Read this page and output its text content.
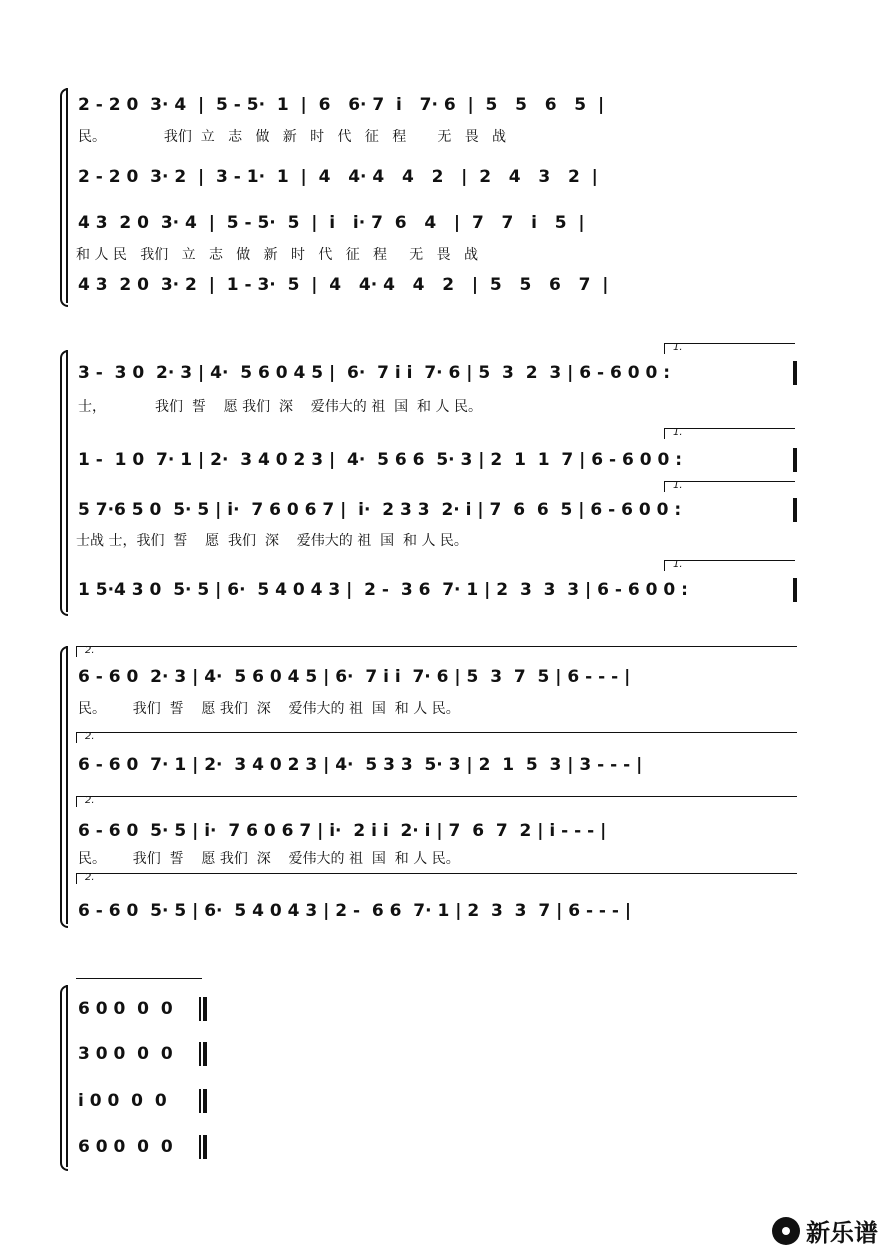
2 - 2 0  3· 4  |  5 - 5·  1  |  6   6· 7  i   7· 6  |  5   5   6   5  |
民。             我们  立   志   做   新   时   代   征   程       无   畏   战
2 - 2 0  3· 2  |  3 - 1·  1  |  4   4· 4   4   2   |  2   4   3   2  |
4 3  2 0  3· 4  |  5 - 5·  5  |  i   i· 7  6   4   |  7   7   i   5  |
和 人 民   我们   立   志   做   新   时   代   征   程     无   畏   战
4 3  2 0  3· 2  |  1 - 3·  5  |  4   4· 4   4   2   |  5   5   6   7  |
1.
1.
1.
1.
3 -  3 0  2· 3 | 4·  5 6 0 4 5 |  6·  7 i i  7· 6 | 5  3  2  3 | 6 - 6 0 0 :
士，           我们  誓    愿 我们  深    爱伟大的 祖  国  和 人 民。
1 -  1 0  7· 1 | 2·  3 4 0 2 3 |  4·  5 6 6  5· 3 | 2  1  1  7 | 6 - 6 0 0 :
5 7·6 5 0  5· 5 | i·  7 6 0 6 7 |  i·  2 3 3  2· i | 7  6  6  5 | 6 - 6 0 0 :
士战 士，我们  誓    愿  我们  深    爱伟大的 祖  国  和 人 民。
1 5·4 3 0  5· 5 | 6·  5 4 0 4 3 |  2 -  3 6  7· 1 | 2  3  3  3 | 6 - 6 0 0 :
2.
2.
2.
2.
6 - 6 0  2· 3 | 4·  5 6 0 4 5 | 6·  7 i i  7· 6 | 5  3  7  5 | 6 - - - |
民。      我们  誓    愿 我们  深    爱伟大的 祖  国  和 人 民。
6 - 6 0  7· 1 | 2·  3 4 0 2 3 | 4·  5 3 3  5· 3 | 2  1  5  3 | 3 - - - |
6 - 6 0  5· 5 | i·  7 6 0 6 7 | i·  2 i i  2· i | 7  6  7  2 | i - - - |
民。      我们  誓    愿 我们  深    爱伟大的 祖  国  和 人 民。
6 - 6 0  5· 5 | 6·  5 4 0 4 3 | 2 -  6 6  7· 1 | 2  3  3  7 | 6 - - - |
6 0 0  0  0
3 0 0  0  0
i 0 0  0  0
6 0 0  0  0
新乐谱
